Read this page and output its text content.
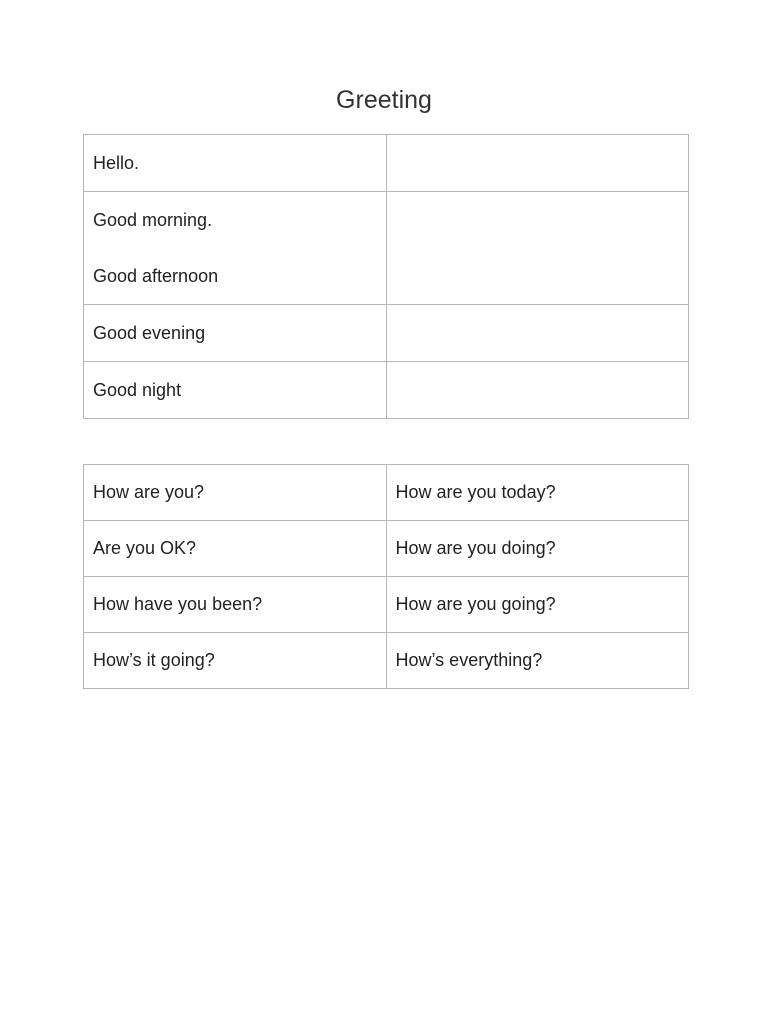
Greeting
Hello.	

Good morning.
Good afternoon	

Good evening	

Good night	

How are you?	How are you today?
Are you OK?	How are you doing?
How have you been?	How are you going?
How’s it going?	How’s everything?
